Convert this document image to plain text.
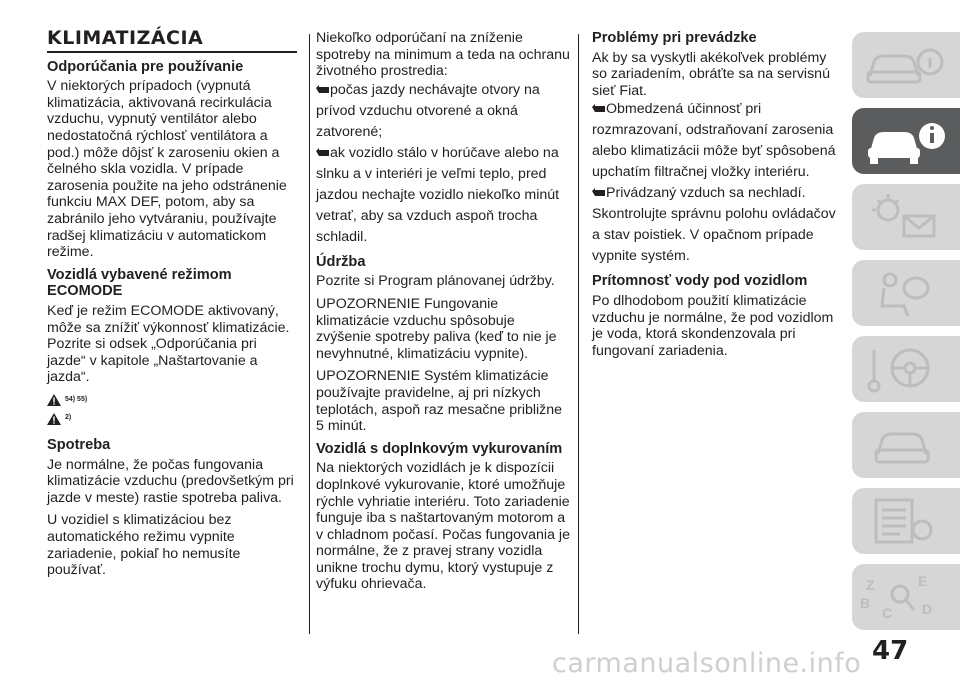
KLIMATIZÁCIA
Odporúčania pre používanie

V niektorých prípadoch (vypnutá klimatizácia, aktivovaná recirkulácia vzduchu, vypnutý ventilátor alebo nedostatočná rýchlosť ventilátora a pod.) môže dôjsť k zaroseniu okien a čelného skla vozidla. V prípade zarosenia použite na jeho odstránenie funkciu MAX DEF, potom, aby sa zabránilo jeho vytváraniu, používajte radšej klimatizáciu v automatickom režime.

Vozidlá vybavené režimom ECOMODE

Keď je režim ECOMODE aktivovaný, môže sa znížiť výkonnosť klimatizácie. Pozrite si odsek „Odporúčania pri jazde“ v kapitole „Naštartovanie a jazda“.

54) 55)
2)
Spotreba

Je normálne, že počas fungovania klimatizácie vzduchu (predovšetkým pri jazde v meste) rastie spotreba paliva.

U vozidiel s klimatizáciou bez automatického režimu vypnite zariadenie, pokiaľ ho nemusíte používať.

Niekoľko odporúčaní na zníženie spotreby na minimum a teda na ochranu životného prostredia:

počas jazdy nechávajte otvory na prívod vzduchu otvorené a okná zatvorené;

ak vozidlo stálo v horúčave alebo na slnku a v interiéri je veľmi teplo, pred jazdou nechajte vozidlo niekoľko minút vetrať, aby sa vzduch aspoň trocha schladil.

Údržba

Pozrite si Program plánovanej údržby.

UPOZORNENIE Fungovanie klimatizácie vzduchu spôsobuje zvýšenie spotreby paliva (keď to nie je nevyhnutné, klimatizáciu vypnite).

UPOZORNENIE Systém klimatizácie používajte pravidelne, aj pri nízkych teplotách, aspoň raz mesačne približne 5 minút.

Vozidlá s doplnkovým vykurovaním

Na niektorých vozidlách je k dispozícii doplnkové vykurovanie, ktoré umožňuje rýchle vyhriatie interiéru. Toto zariadenie funguje iba s naštartovaným motorom a v chladnom počasí. Počas fungovania je normálne, že z pravej strany vozidla unikne trochu dymu, ktorý vystupuje z výfuku ohrievača.

Problémy pri prevádzke

Ak by sa vyskytli akékoľvek problémy so zariadením, obráťte sa na servisnú sieť Fiat.

Obmedzená účinnosť pri rozmrazovaní, odstraňovaní zarosenia alebo klimatizácii môže byť spôsobená upchatím filtračnej vložky interiéru.

Privádzaný vzduch sa nechladí. Skontrolujte správnu polohu ovládačov a stav poistiek. V opačnom prípade vypnite systém.

Prítomnosť vody pod vozidlom

Po dlhodobom použití klimatizácie vzduchu je normálne, že pod vozidlom je voda, ktorá skondenzovala pri fungovaní zariadenia.

Z	E
B
C D
47
carmanualsonline.info
